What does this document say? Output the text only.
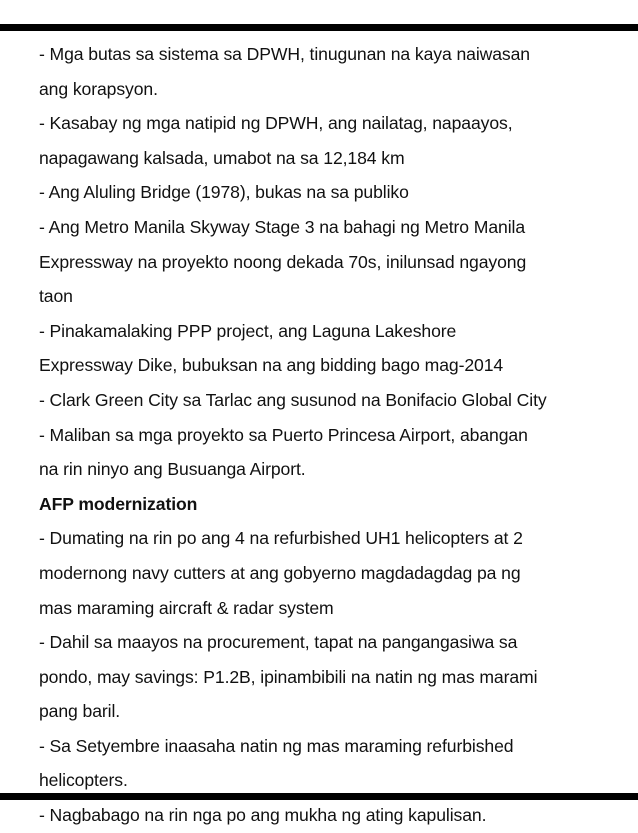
- Mga butas sa sistema sa DPWH, tinugunan na kaya naiwasan
ang korapsyon.
- Kasabay ng mga natipid ng DPWH, ang nailatag, napaayos,
napagawang kalsada, umabot na sa 12,184 km
- Ang Aluling Bridge (1978), bukas na sa publiko
- Ang Metro Manila Skyway Stage 3 na bahagi ng Metro Manila
Expressway na proyekto noong dekada 70s, inilunsad ngayong
taon
- Pinakamalaking PPP project, ang Laguna Lakeshore
Expressway Dike, bubuksan na ang bidding bago mag-2014
- Clark Green City sa Tarlac ang susunod na Bonifacio Global City
- Maliban sa mga proyekto sa Puerto Princesa Airport, abangan
na rin ninyo ang Busuanga Airport.
AFP modernization
- Dumating na rin po ang 4 na refurbished UH1 helicopters at 2
modernong navy cutters at ang gobyerno magdadagdag pa ng
mas maraming aircraft & radar system
- Dahil sa maayos na procurement, tapat na pangangasiwa sa
pondo, may savings: P1.2B, ipinambibili na natin ng mas marami
pang baril.
- Sa Setyembre inaasaha natin ng mas maraming refurbished
helicopters.
- Nagbabago na rin nga po ang mukha ng ating kapulisan.
